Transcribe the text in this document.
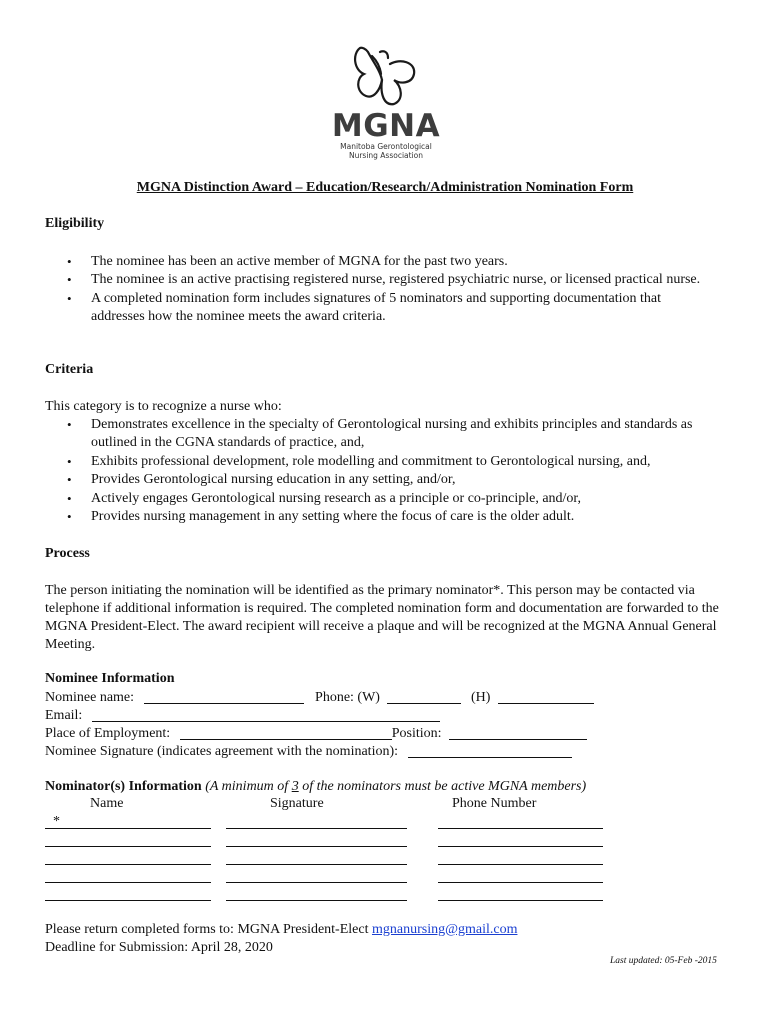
MGNA
Manitoba Gerontological
Nursing Association
MGNA Distinction Award – Education/Research/Administration Nomination Form
Eligibility
• The nominee has been an active member of MGNA for the past two years.
• The nominee is an active practising registered nurse, registered psychiatric nurse, or licensed practical nurse.
• A completed nomination form includes signatures of 5 nominators and supporting documentation that addresses how the nominee meets the award criteria.
Criteria
This category is to recognize a nurse who:
• Demonstrates excellence in the specialty of Gerontological nursing and exhibits principles and standards as outlined in the CGNA standards of practice, and,
• Exhibits professional development, role modelling and commitment to Gerontological nursing, and,
• Provides Gerontological nursing education in any setting, and/or,
• Actively engages Gerontological nursing research as a principle or co-principle, and/or,
• Provides nursing management in any setting where the focus of care is the older adult.
Process
The person initiating the nomination will be identified as the primary nominator*. This person may be contacted via telephone if additional information is required. The completed nomination form and documentation are forwarded to the MGNA President-Elect. The award recipient will receive a plaque and will be recognized at the MGNA Annual General Meeting.
Nominee Information
Nominee name:	Phone: (W)	(H)
Email:
Place of Employment:	Position:
Nominee Signature (indicates agreement with the nomination):
Nominator(s) Information (A minimum of 3 of the nominators must be active MGNA members)
Name	Signature	Phone Number
*
Please return completed forms to: MGNA President-Elect mgnanursing@gmail.com
Deadline for Submission: April 28, 2020
Last updated: 05-Feb -2015
